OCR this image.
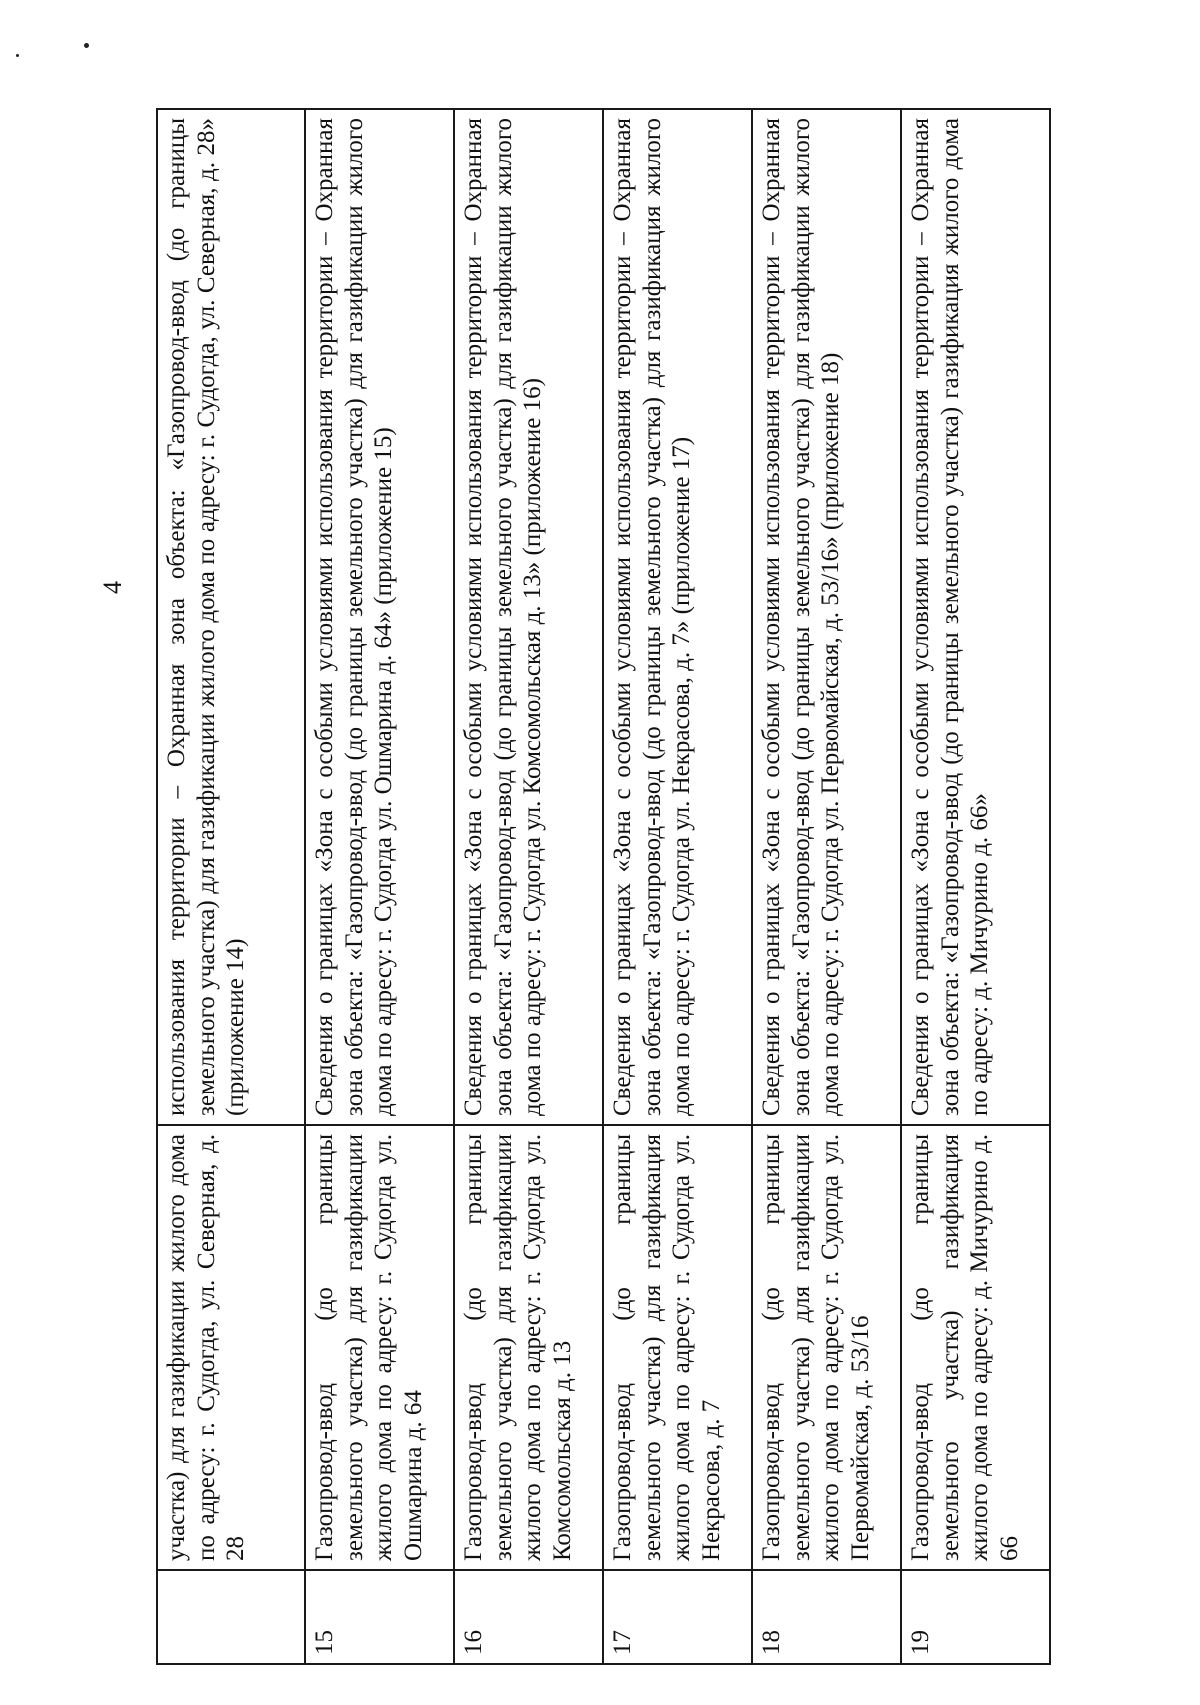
4
	участка) для газификации жилого дома по адресу: г. Судогда, ул. Северная, д. 28	использования территории – Охранная зона объекта: «Газопровод-ввод (до границы земельного участка) для газификации жилого дома по адресу: г. Судогда, ул. Северная, д. 28» (приложение 14)
15	Газопровод-ввод (до границы земельного участка) для газификации жилого дома по адресу: г. Судогда ул. Ошмарина д. 64	Сведения о границах «Зона с особыми условиями использования территории – Охранная зона объекта: «Газопровод-ввод (до границы земельного участка) для газификации жилого дома по адресу: г. Судогда ул. Ошмарина д. 64» (приложение 15)
16	Газопровод-ввод (до границы земельного участка) для газификации жилого дома по адресу: г. Судогда ул. Комсомольская д. 13	Сведения о границах «Зона с особыми условиями использования территории – Охранная зона объекта: «Газопровод-ввод (до границы земельного участка) для газификации жилого дома по адресу: г. Судогда ул. Комсомольская д. 13» (приложение 16)
17	Газопровод-ввод (до границы земельного участка) для газификация жилого дома по адресу: г. Судогда ул. Некрасова, д. 7	Сведения о границах «Зона с особыми условиями использования территории – Охранная зона объекта: «Газопровод-ввод (до границы земельного участка) для газификация жилого дома по адресу: г. Судогда ул. Некрасова, д. 7» (приложение 17)
18	Газопровод-ввод (до границы земельного участка) для газификации жилого дома по адресу: г. Судогда ул. Первомайская, д. 53/16	Сведения о границах «Зона с особыми условиями использования территории – Охранная зона объекта: «Газопровод-ввод (до границы земельного участка) для газификации жилого дома по адресу: г. Судогда ул. Первомайская, д. 53/16» (приложение 18)
19	Газопровод-ввод (до границы земельного участка) газификация жилого дома по адресу: д. Мичурино д. 66	Сведения о границах «Зона с особыми условиями использования территории – Охранная зона объекта: «Газопровод-ввод (до границы земельного участка) газификация жилого дома по адресу: д. Мичурино д. 66»
